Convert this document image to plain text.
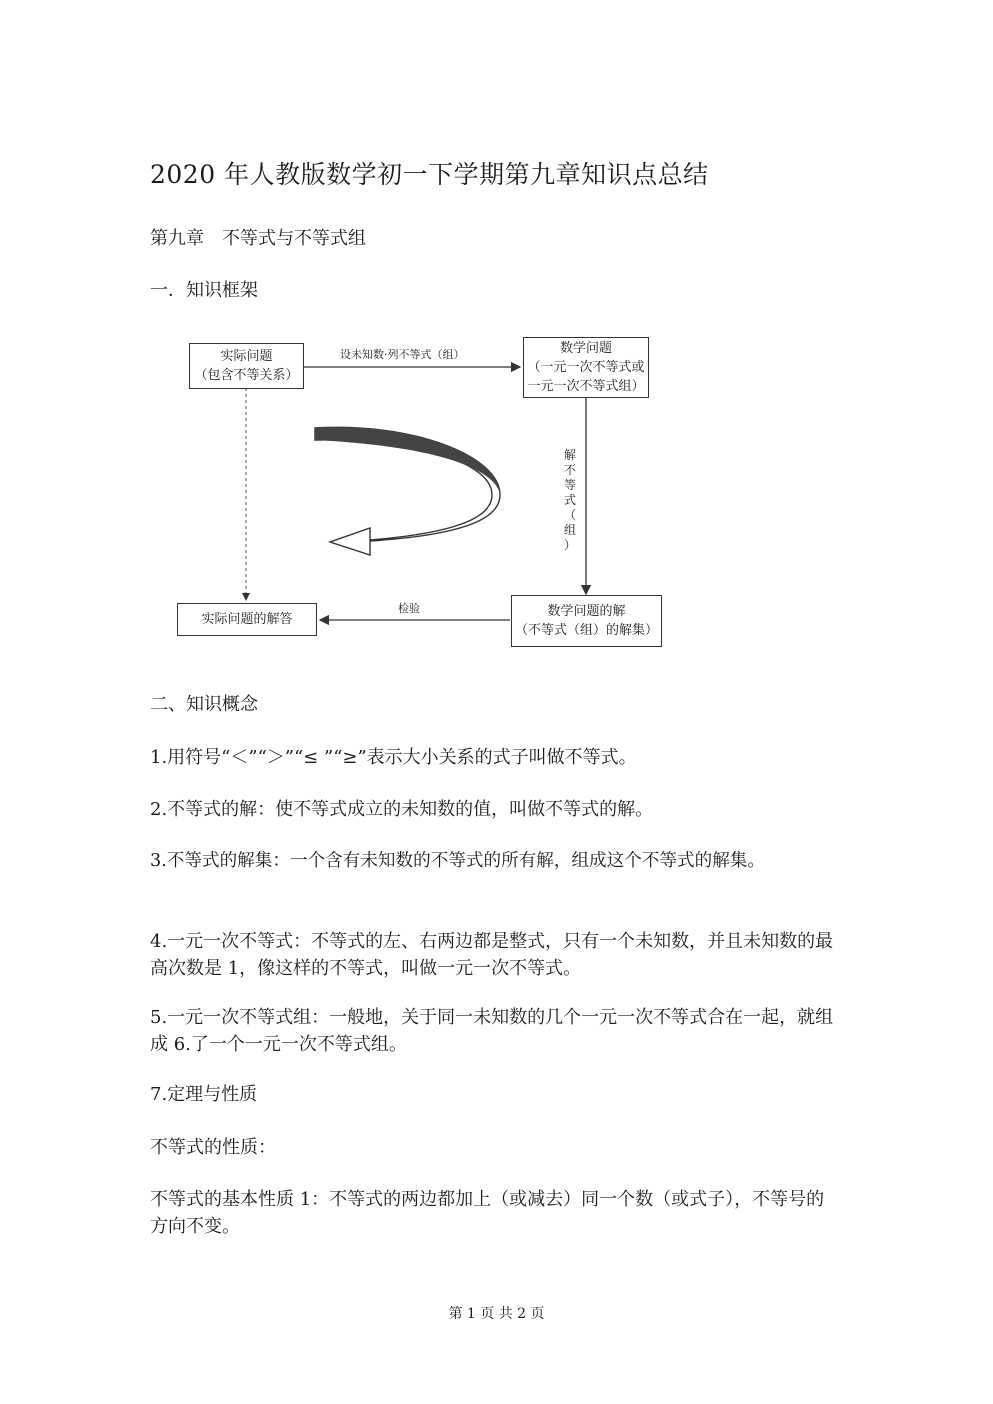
2020 年人教版数学初一下学期第九章知识点总结
第九章　不等式与不等式组
一．知识框架
实际问题
（包含不等关系）
设未知数·列不等式（组）	数学问题
（一元一次不等式或
一元一次不等式组）
解
不
等
式
（
组
）
实际问题的解答
检验	数学问题的解
（不等式（组）的解集）
二、知识概念
1.用符号“＜”“＞”“≤ ”“≥”表示大小关系的式子叫做不等式。
2.不等式的解：使不等式成立的未知数的值，叫做不等式的解。
3.不等式的解集：一个含有未知数的不等式的所有解，组成这个不等式的解集。
4.一元一次不等式：不等式的左、右两边都是整式，只有一个未知数，并且未知数的最高次数是 1，像这样的不等式，叫做一元一次不等式。
5.一元一次不等式组：一般地，关于同一未知数的几个一元一次不等式合在一起，就组成 6.了一个一元一次不等式组。
7.定理与性质
不等式的性质：
不等式的基本性质 1：不等式的两边都加上（或减去）同一个数（或式子），不等号的方向不变。
第 1 页 共 2 页
